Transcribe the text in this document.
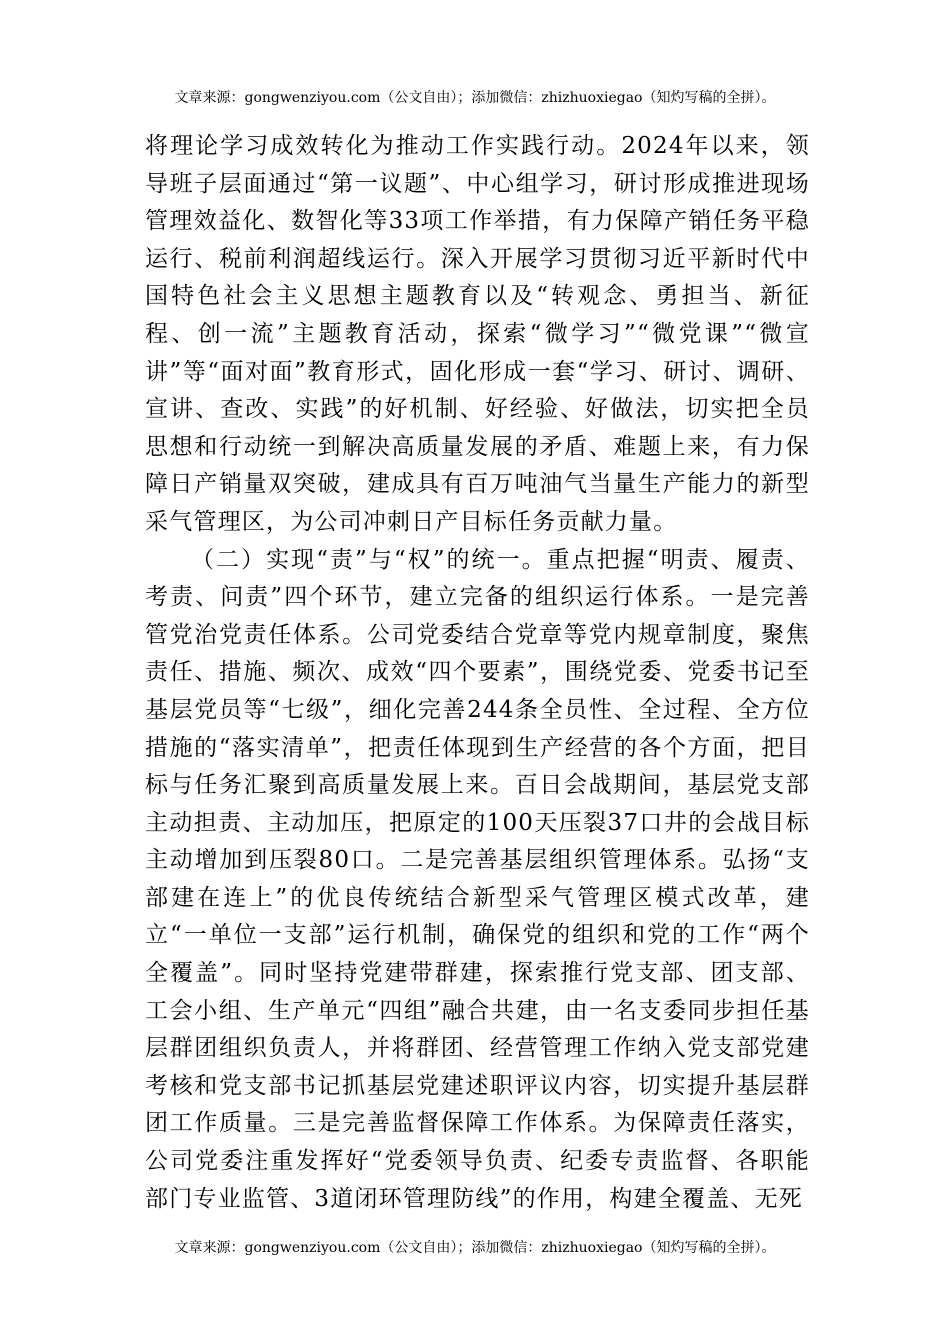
文章来源：gongwenziyou.com（公文自由）；添加微信：zhizhuoxiegao（知灼写稿的全拼）。

将理论学习成效转化为推动工作实践行动。2024年以来，领导班子层面通过“第一议题”、中心组学习，研讨形成推进现场管理效益化、数智化等33项工作举措，有力保障产销任务平稳运行、税前利润超线运行。深入开展学习贯彻习近平新时代中国特色社会主义思想主题教育以及“转观念、勇担当、新征程、创一流”主题教育活动，探索“微学习”“微党课”“微宣讲”等“面对面”教育形式，固化形成一套“学习、研讨、调研、宣讲、查改、实践”的好机制、好经验、好做法，切实把全员思想和行动统一到解决高质量发展的矛盾、难题上来，有力保障日产销量双突破，建成具有百万吨油气当量生产能力的新型采气管理区，为公司冲刺日产目标任务贡献力量。

（二）实现“责”与“权”的统一。重点把握“明责、履责、考责、问责”四个环节，建立完备的组织运行体系。一是完善管党治党责任体系。公司党委结合党章等党内规章制度，聚焦责任、措施、频次、成效“四个要素”，围绕党委、党委书记至基层党员等“七级”，细化完善244条全员性、全过程、全方位措施的“落实清单”，把责任体现到生产经营的各个方面，把目标与任务汇聚到高质量发展上来。百日会战期间，基层党支部主动担责、主动加压，把原定的100天压裂37口井的会战目标主动增加到压裂80口。二是完善基层组织管理体系。弘扬“支部建在连上”的优良传统结合新型采气管理区模式改革，建立“一单位一支部”运行机制，确保党的组织和党的工作“两个全覆盖”。同时坚持党建带群建，探索推行党支部、团支部、工会小组、生产单元“四组”融合共建，由一名支委同步担任基层群团组织负责人，并将群团、经营管理工作纳入党支部党建考核和党支部书记抓基层党建述职评议内容，切实提升基层群团工作质量。三是完善监督保障工作体系。为保障责任落实，公司党委注重发挥好“党委领导负责、纪委专责监督、各职能部门专业监管、3道闭环管理防线”的作用，构建全覆盖、无死

文章来源：gongwenziyou.com（公文自由）；添加微信：zhizhuoxiegao（知灼写稿的全拼）。
